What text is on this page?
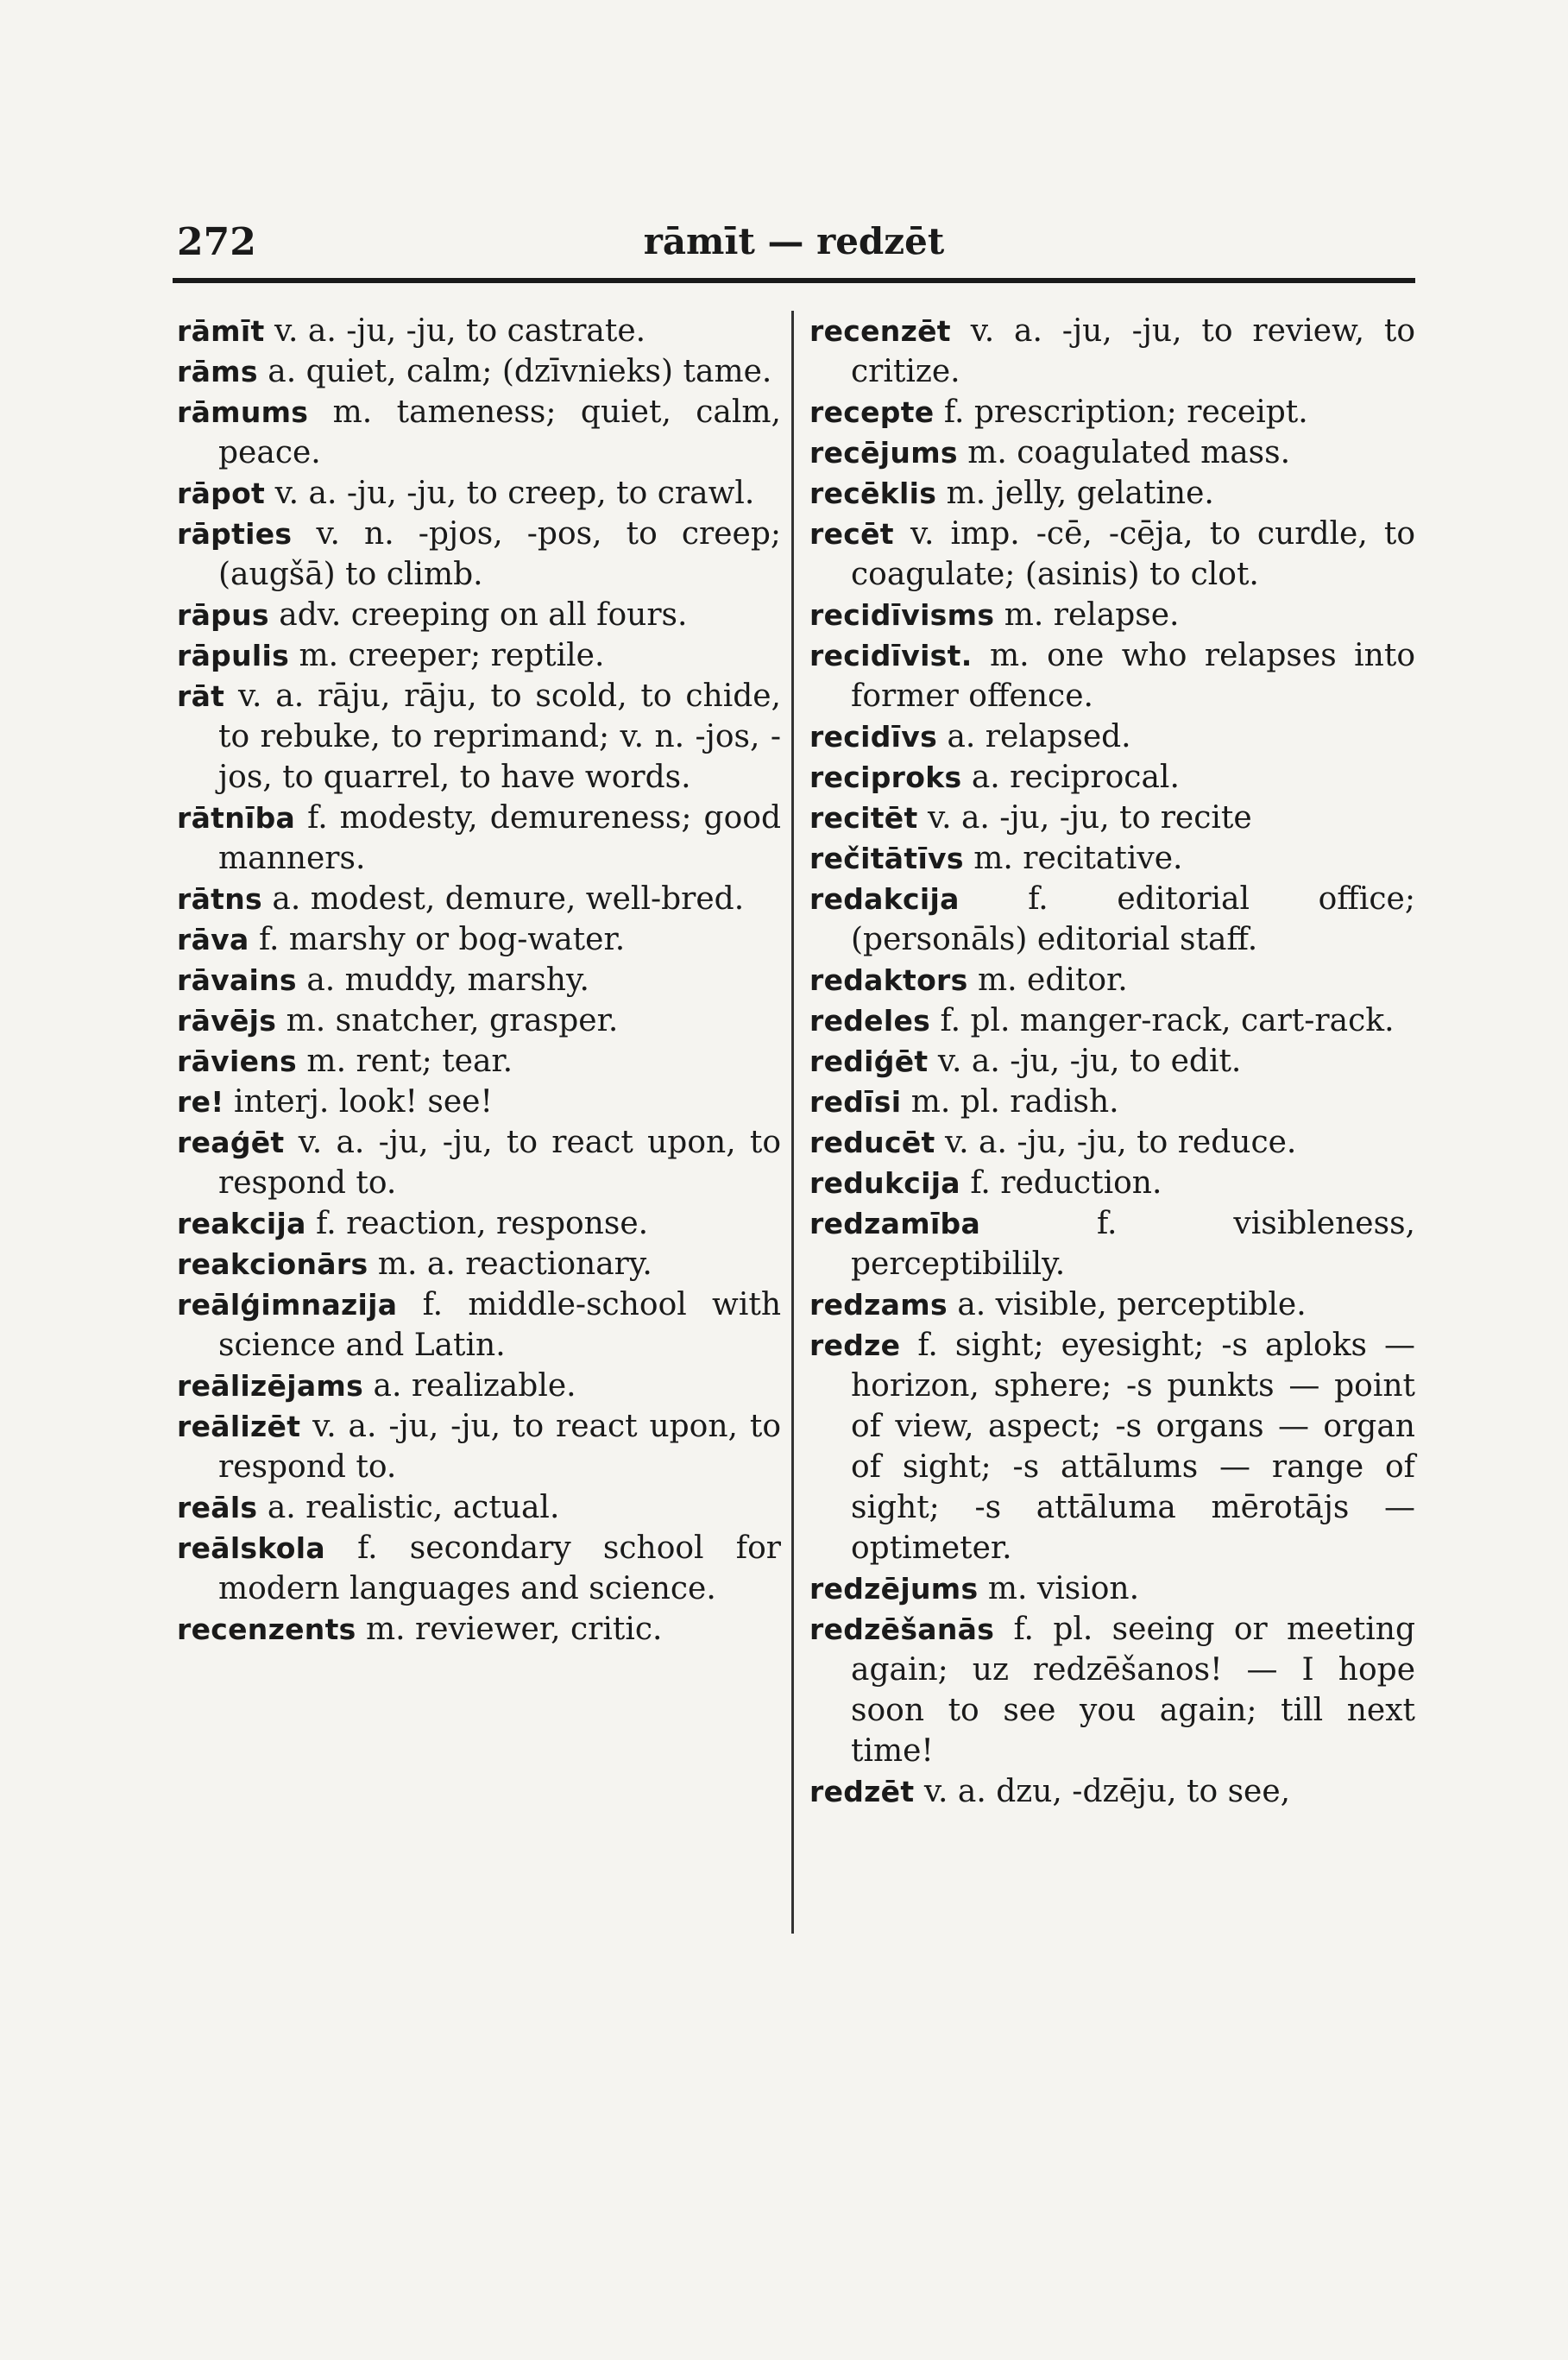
272	rāmīt — redzēt
rāmīt v. a. -ju, -ju, to castrate.
rāms a. quiet, calm; (dzīvnieks) tame.
rāmums m. tameness; quiet, calm, peace.
rāpot v. a. -ju, -ju, to creep, to crawl.
rāpties v. n. -pjos, -pos, to creep; (augšā) to climb.
rāpus adv. creeping on all fours.
rāpulis m. creeper; reptile.
rāt v. a. rāju, rāju, to scold, to chide, to rebuke, to reprimand; v. n. -jos, -jos, to quarrel, to have words.
rātnība f. modesty, demureness; good manners.
rātns a. modest, demure, well-bred.
rāva f. marshy or bog-water.
rāvains a. muddy, marshy.
rāvējs m. snatcher, grasper.
rāviens m. rent; tear.
re! interj. look! see!
reaģēt v. a. -ju, -ju, to react upon, to respond to.
reakcija f. reaction, response.
reakcionārs m. a. reactionary.
reālģimnazija f. middle-school with science and Latin.
reālizējams a. realizable.
reālizēt v. a. -ju, -ju, to react upon, to respond to.
reāls a. realistic, actual.
reālskola f. secondary school for modern languages and science.
recenzents m. reviewer, critic.
recenzēt v. a. -ju, -ju, to review, to critize.
recepte f. prescription; receipt.
recējums m. coagulated mass.
recēklis m. jelly, gelatine.
recēt v. imp. -cē, -cēja, to curdle, to coagulate; (asinis) to clot.
recidīvisms m. relapse.
recidīvist. m. one who relapses into former offence.
recidīvs a. relapsed.
reciproks a. reciprocal.
recitēt v. a. -ju, -ju, to recite
rečitātīvs m. recitative.
redakcija f. editorial office; (personāls) editorial staff.
redaktors m. editor.
redeles f. pl. manger-rack, cart-rack.
rediģēt v. a. -ju, -ju, to edit.
redīsi m. pl. radish.
reducēt v. a. -ju, -ju, to reduce.
redukcija f. reduction.
redzamība f. visibleness, perceptibilily.
redzams a. visible, perceptible.
redze f. sight; eyesight; -s aploks — horizon, sphere; -s punkts — point of view, aspect; -s organs — organ of sight; -s attālums — range of sight; -s attāluma mērotājs — optimeter.
redzējums m. vision.
redzēšanās f. pl. seeing or meeting again; uz redzēšanos! — I hope soon to see you again; till next time!
redzēt v. a. dzu, -dzēju, to see,
